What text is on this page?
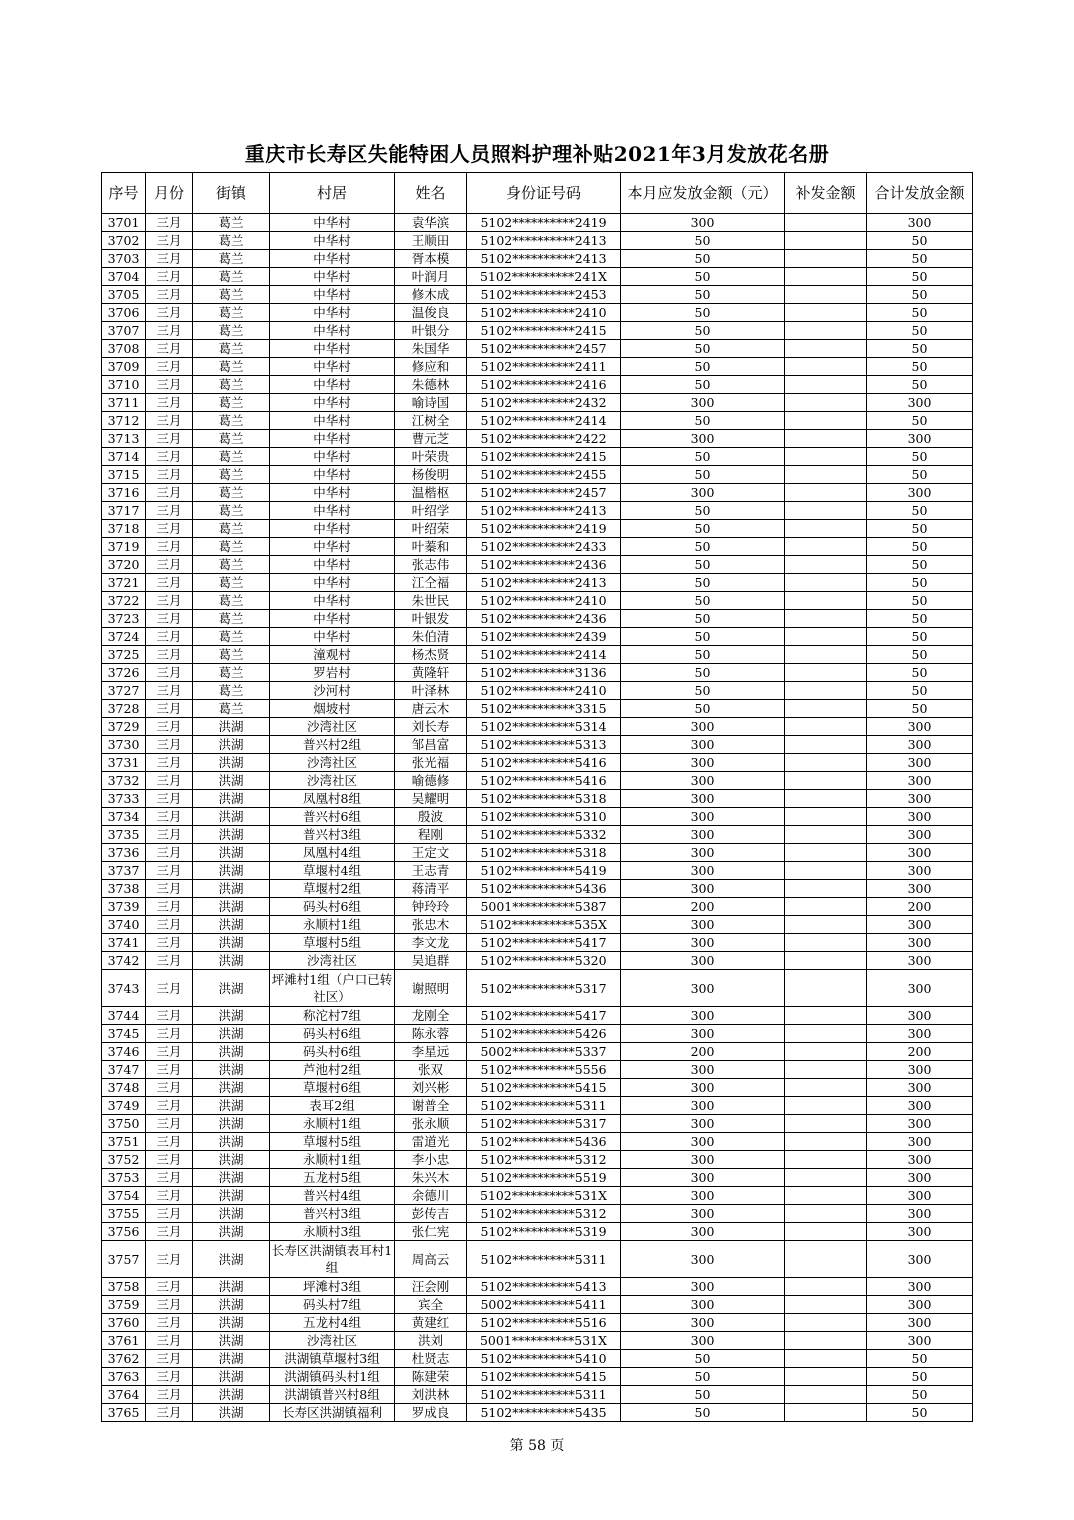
重庆市长寿区失能特困人员照料护理补贴2021年3月发放花名册
序号	月份	街镇	村居	姓名	身份证号码	本月应发放金额（元）	补发金额	合计发放金额
3701	三月	葛兰	中华村	袁华滨	5102**********2419	300		300
3702	三月	葛兰	中华村	王顺田	5102**********2413	50		50
3703	三月	葛兰	中华村	胥本模	5102**********2413	50		50
3704	三月	葛兰	中华村	叶润月	5102**********241X	50		50
3705	三月	葛兰	中华村	修木成	5102**********2453	50		50
3706	三月	葛兰	中华村	温俊良	5102**********2410	50		50
3707	三月	葛兰	中华村	叶银分	5102**********2415	50		50
3708	三月	葛兰	中华村	朱国华	5102**********2457	50		50
3709	三月	葛兰	中华村	修应和	5102**********2411	50		50
3710	三月	葛兰	中华村	朱德林	5102**********2416	50		50
3711	三月	葛兰	中华村	喻诗国	5102**********2432	300		300
3712	三月	葛兰	中华村	江树全	5102**********2414	50		50
3713	三月	葛兰	中华村	曹元芝	5102**********2422	300		300
3714	三月	葛兰	中华村	叶荣贵	5102**********2415	50		50
3715	三月	葛兰	中华村	杨俊明	5102**********2455	50		50
3716	三月	葛兰	中华村	温楷枢	5102**********2457	300		300
3717	三月	葛兰	中华村	叶绍学	5102**********2413	50		50
3718	三月	葛兰	中华村	叶绍荣	5102**********2419	50		50
3719	三月	葛兰	中华村	叶蓁和	5102**********2433	50		50
3720	三月	葛兰	中华村	张志伟	5102**********2436	50		50
3721	三月	葛兰	中华村	江仝福	5102**********2413	50		50
3722	三月	葛兰	中华村	朱世民	5102**********2410	50		50
3723	三月	葛兰	中华村	叶银发	5102**********2436	50		50
3724	三月	葛兰	中华村	朱伯清	5102**********2439	50		50
3725	三月	葛兰	潼观村	杨杰贤	5102**********2414	50		50
3726	三月	葛兰	罗岩村	黄隆轩	5102**********3136	50		50
3727	三月	葛兰	沙河村	叶泽林	5102**********2410	50		50
3728	三月	葛兰	烟坡村	唐云木	5102**********3315	50		50
3729	三月	洪湖	沙湾社区	刘长寿	5102**********5314	300		300
3730	三月	洪湖	普兴村2组	邹昌富	5102**********5313	300		300
3731	三月	洪湖	沙湾社区	张光福	5102**********5416	300		300
3732	三月	洪湖	沙湾社区	喻德修	5102**********5416	300		300
3733	三月	洪湖	凤凰村8组	吴耀明	5102**********5318	300		300
3734	三月	洪湖	普兴村6组	殷波	5102**********5310	300		300
3735	三月	洪湖	普兴村3组	程刚	5102**********5332	300		300
3736	三月	洪湖	凤凰村4组	王定文	5102**********5318	300		300
3737	三月	洪湖	草堰村4组	王志青	5102**********5419	300		300
3738	三月	洪湖	草堰村2组	蒋清平	5102**********5436	300		300
3739	三月	洪湖	码头村6组	钟玲玲	5001**********5387	200		200
3740	三月	洪湖	永顺村1组	张忠木	5102**********535X	300		300
3741	三月	洪湖	草堰村5组	李文龙	5102**********5417	300		300
3742	三月	洪湖	沙湾社区	吴追群	5102**********5320	300		300
3743	三月	洪湖	坪滩村1组（户口已转社区）	谢照明	5102**********5317	300		300
3744	三月	洪湖	称沱村7组	龙刚全	5102**********5417	300		300
3745	三月	洪湖	码头村6组	陈永蓉	5102**********5426	300		300
3746	三月	洪湖	码头村6组	李星远	5002**********5337	200		200
3747	三月	洪湖	芦池村2组	张双	5102**********5556	300		300
3748	三月	洪湖	草堰村6组	刘兴彬	5102**********5415	300		300
3749	三月	洪湖	表耳2组	谢普全	5102**********5311	300		300
3750	三月	洪湖	永顺村1组	张永顺	5102**********5317	300		300
3751	三月	洪湖	草堰村5组	雷道光	5102**********5436	300		300
3752	三月	洪湖	永顺村1组	李小忠	5102**********5312	300		300
3753	三月	洪湖	五龙村5组	朱兴木	5102**********5519	300		300
3754	三月	洪湖	普兴村4组	余德川	5102**********531X	300		300
3755	三月	洪湖	普兴村3组	彭传吉	5102**********5312	300		300
3756	三月	洪湖	永顺村3组	张仁宪	5102**********5319	300		300
3757	三月	洪湖	长寿区洪湖镇表耳村1组	周高云	5102**********5311	300		300
3758	三月	洪湖	坪滩村3组	汪会刚	5102**********5413	300		300
3759	三月	洪湖	码头村7组	宾全	5002**********5411	300		300
3760	三月	洪湖	五龙村4组	黄建红	5102**********5516	300		300
3761	三月	洪湖	沙湾社区	洪刘	5001**********531X	300		300
3762	三月	洪湖	洪湖镇草堰村3组	杜贤志	5102**********5410	50		50
3763	三月	洪湖	洪湖镇码头村1组	陈建荣	5102**********5415	50		50
3764	三月	洪湖	洪湖镇普兴村8组	刘洪林	5102**********5311	50		50
3765	三月	洪湖	长寿区洪湖镇福利	罗成良	5102**********5435	50		50
第 58 页
